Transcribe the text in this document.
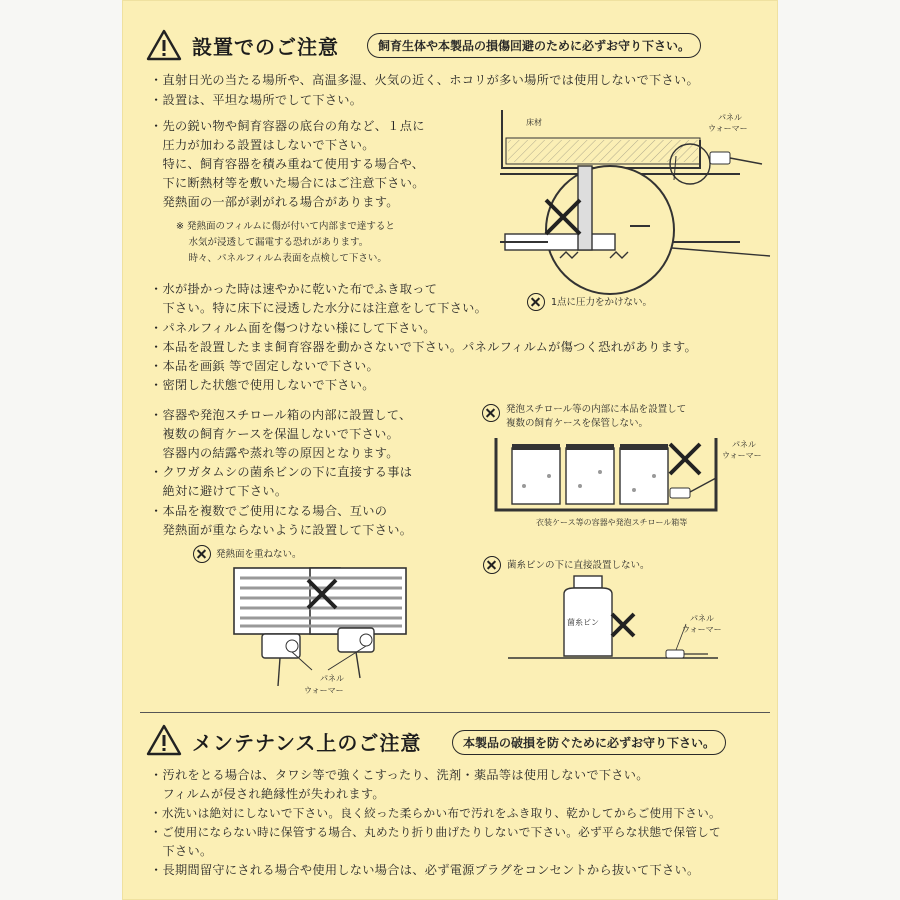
設置でのご注意	飼育生体や本製品の損傷回避のために必ずお守り下さい。
・直射日光の当たる場所や、高温多湿、火気の近く、ホコリが多い場所では使用しないで下さい。
・設置は、平坦な場所でして下さい。
・先の鋭い物や飼育容器の底台の角など、１点に
　圧力が加わる設置はしないで下さい。
　特に、飼育容器を積み重ねて使用する場合や、
　下に断熱材等を敷いた場合にはご注意下さい。
　発熱面の一部が剥がれる場合があります。
※ 発熱面のフィルムに傷が付いて内部まで達すると
　 水気が浸透して漏電する恐れがあります。
　 時々、パネルフィルム表面を点検して下さい。
床材
パネル
ウォーマー
1点に圧力をかけない。
・水が掛かった時は速やかに乾いた布でふき取って
　下さい。特に床下に浸透した水分には注意をして下さい。
・パネルフィルム面を傷つけない様にして下さい。
・本品を設置したまま飼育容器を動かさないで下さい。パネルフィルムが傷つく恐れがあります。
・本品を画鋲 等で固定しないで下さい。
・密閉した状態で使用しないで下さい。
・容器や発泡スチロール箱の内部に設置して、
　複数の飼育ケースを保温しないで下さい。
　容器内の結露や蒸れ等の原因となります。
・クワガタムシの菌糸ビンの下に直接する事は
　絶対に避けて下さい。
・本品を複数でご使用になる場合、互いの
　発熱面が重ならないように設置して下さい。
発泡スチロール等の内部に本品を設置して
複数の飼育ケースを保管しない。
パネル
ウォーマー
衣装ケース等の容器や発泡スチロール箱等
発熱面を重ねない。
パネル
ウォーマー
菌糸ビンの下に直接設置しない。
菌糸ビン	パネル
ウォーマー
メンテナンス上のご注意	本製品の破損を防ぐために必ずお守り下さい。
・汚れをとる場合は、タワシ等で強くこすったり、洗剤・薬品等は使用しないで下さい。
　フィルムが侵され絶縁性が失われます。
・水洗いは絶対にしないで下さい。良く絞った柔らかい布で汚れをふき取り、乾かしてからご使用下さい。
・ご使用にならない時に保管する場合、丸めたり折り曲げたりしないで下さい。必ず平らな状態で保管して
　下さい。
・長期間留守にされる場合や使用しない場合は、必ず電源プラグをコンセントから抜いて下さい。
